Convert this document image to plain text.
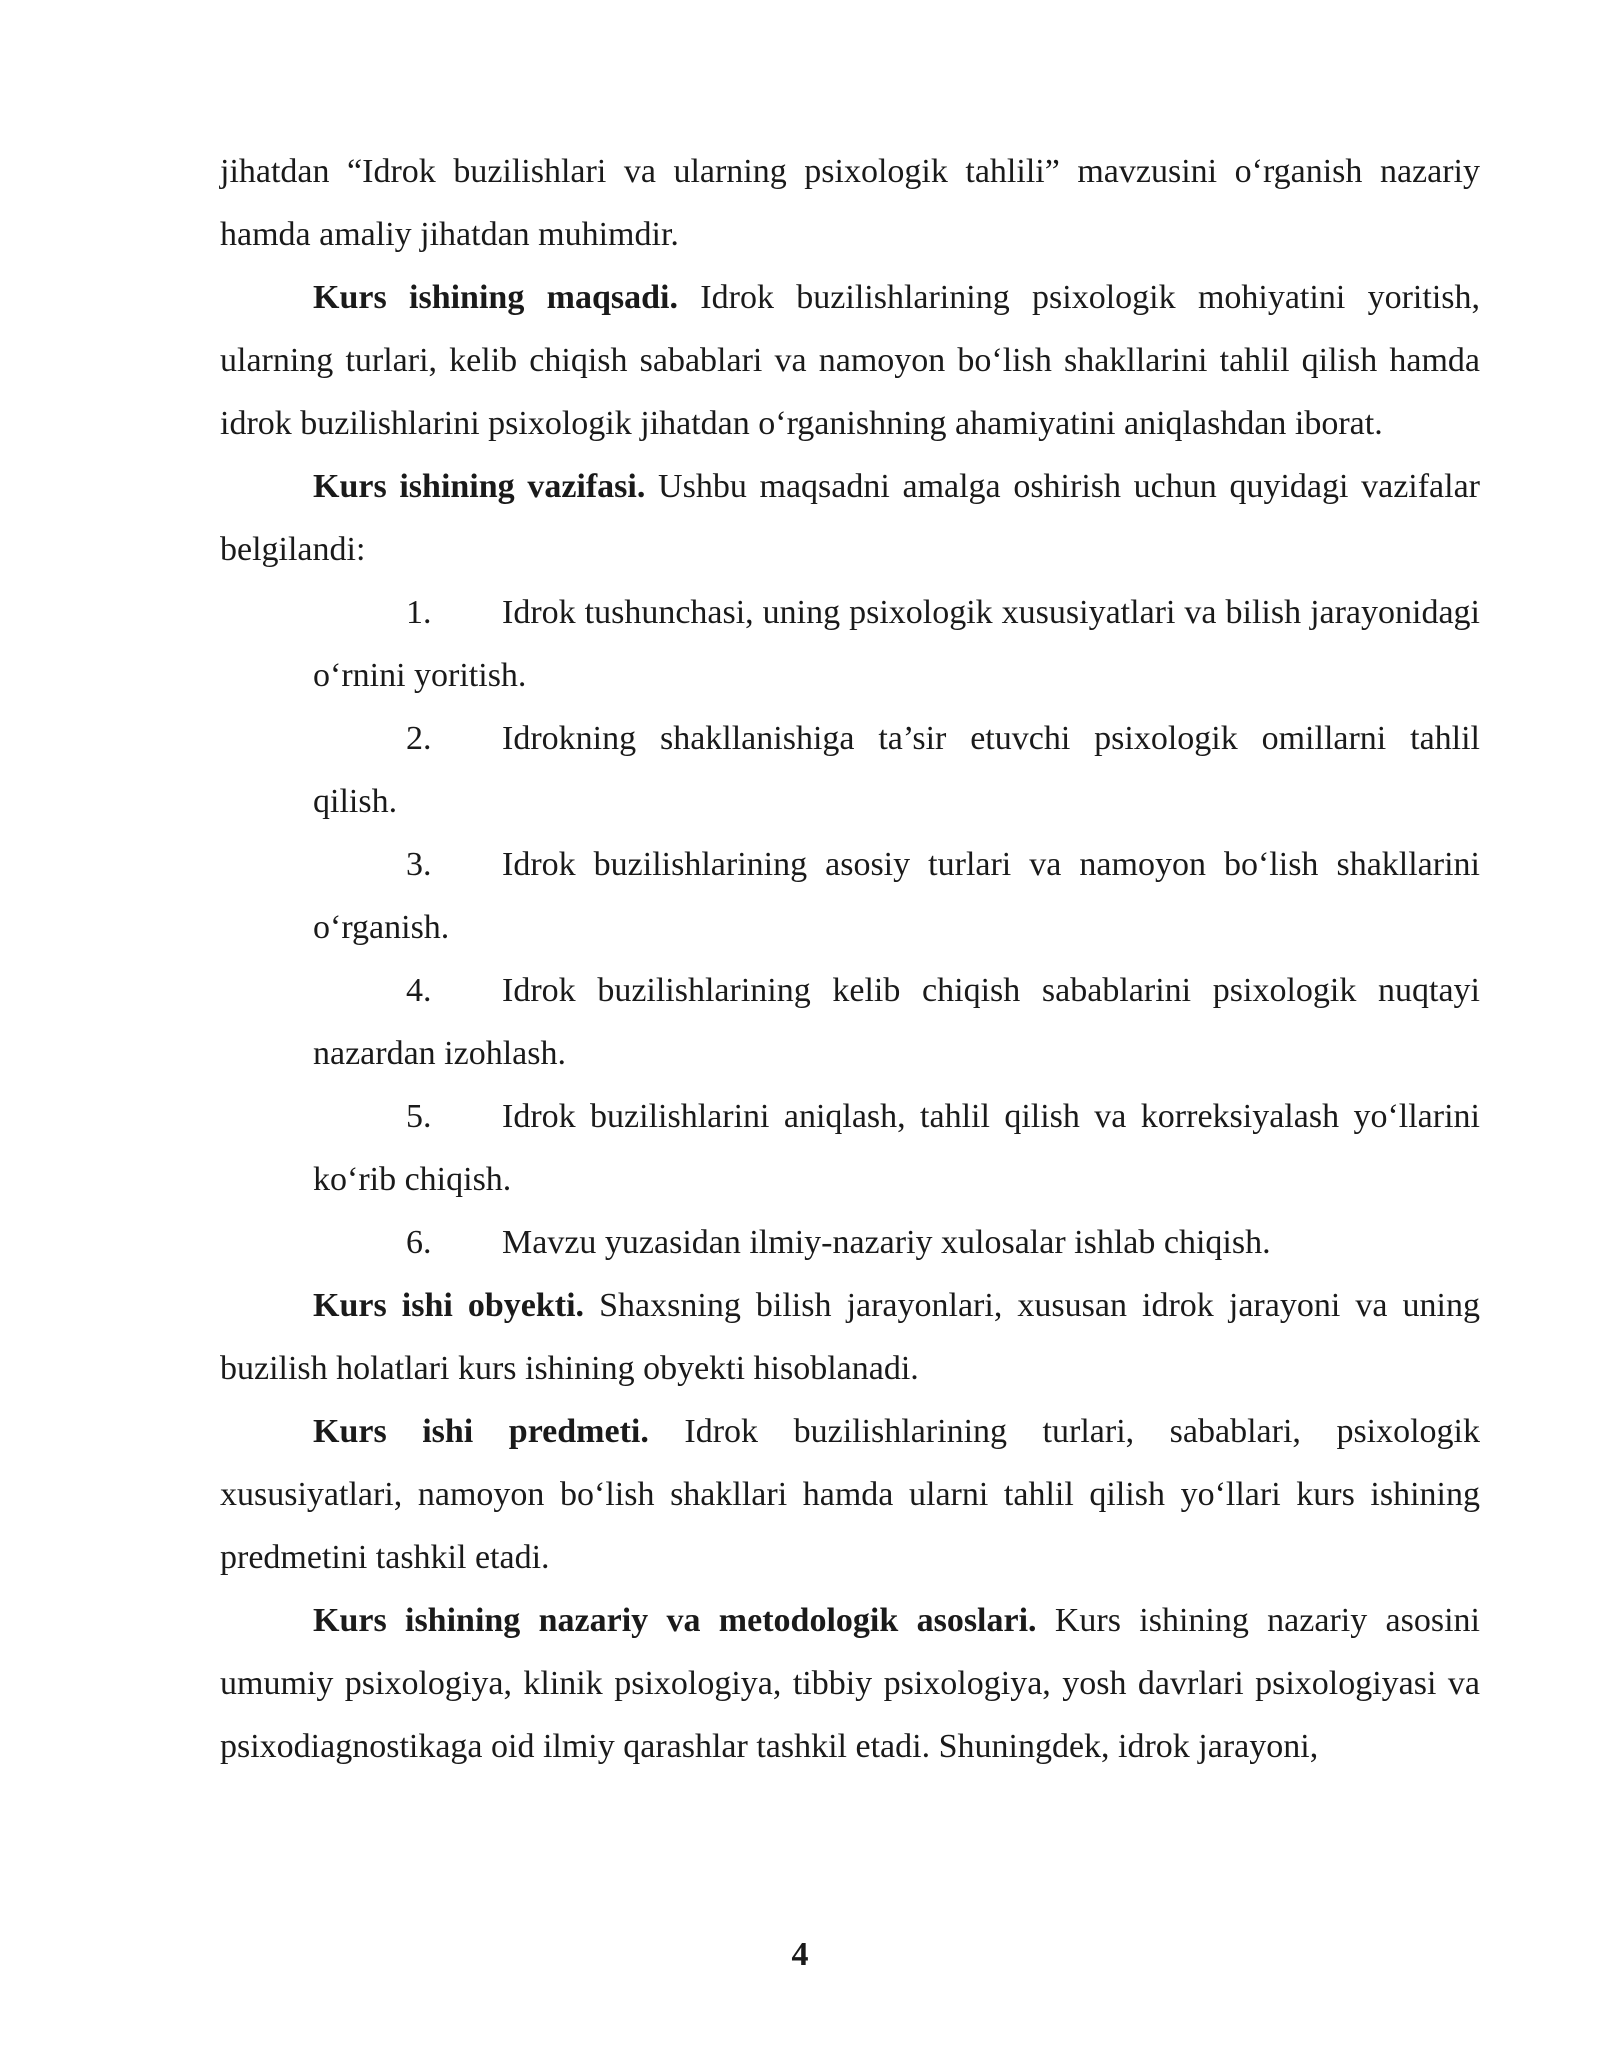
jihatdan “Idrok buzilishlari va ularning psixologik tahlili” mavzusini o‘rganish nazariy hamda amaliy jihatdan muhimdir.

Kurs ishining maqsadi. Idrok buzilishlarining psixologik mohiyatini yoritish, ularning turlari, kelib chiqish sabablari va namoyon bo‘lish shakllarini tahlil qilish hamda idrok buzilishlarini psixologik jihatdan o‘rganishning ahamiyatini aniqlashdan iborat.

Kurs ishining vazifasi. Ushbu maqsadni amalga oshirish uchun quyidagi vazifalar belgilandi:

1. Idrok tushunchasi, uning psixologik xususiyatlari va bilish jarayonidagi o‘rnini yoritish.

2. Idrokning shakllanishiga ta’sir etuvchi psixologik omillarni tahlil qilish.

3. Idrok buzilishlarining asosiy turlari va namoyon bo‘lish shakllarini o‘rganish.

4. Idrok buzilishlarining kelib chiqish sabablarini psixologik nuqtayi nazardan izohlash.

5. Idrok buzilishlarini aniqlash, tahlil qilish va korreksiyalash yo‘llarini ko‘rib chiqish.

6. Mavzu yuzasidan ilmiy-nazariy xulosalar ishlab chiqish.

Kurs ishi obyekti. Shaxsning bilish jarayonlari, xususan idrok jarayoni va uning buzilish holatlari kurs ishining obyekti hisoblanadi.

Kurs ishi predmeti. Idrok buzilishlarining turlari, sabablari, psixologik xususiyatlari, namoyon bo‘lish shakllari hamda ularni tahlil qilish yo‘llari kurs ishining predmetini tashkil etadi.

Kurs ishining nazariy va metodologik asoslari. Kurs ishining nazariy asosini umumiy psixologiya, klinik psixologiya, tibbiy psixologiya, yosh davrlari psixologiyasi va psixodiagnostikaga oid ilmiy qarashlar tashkil etadi. Shuningdek, idrok jarayoni,

4
